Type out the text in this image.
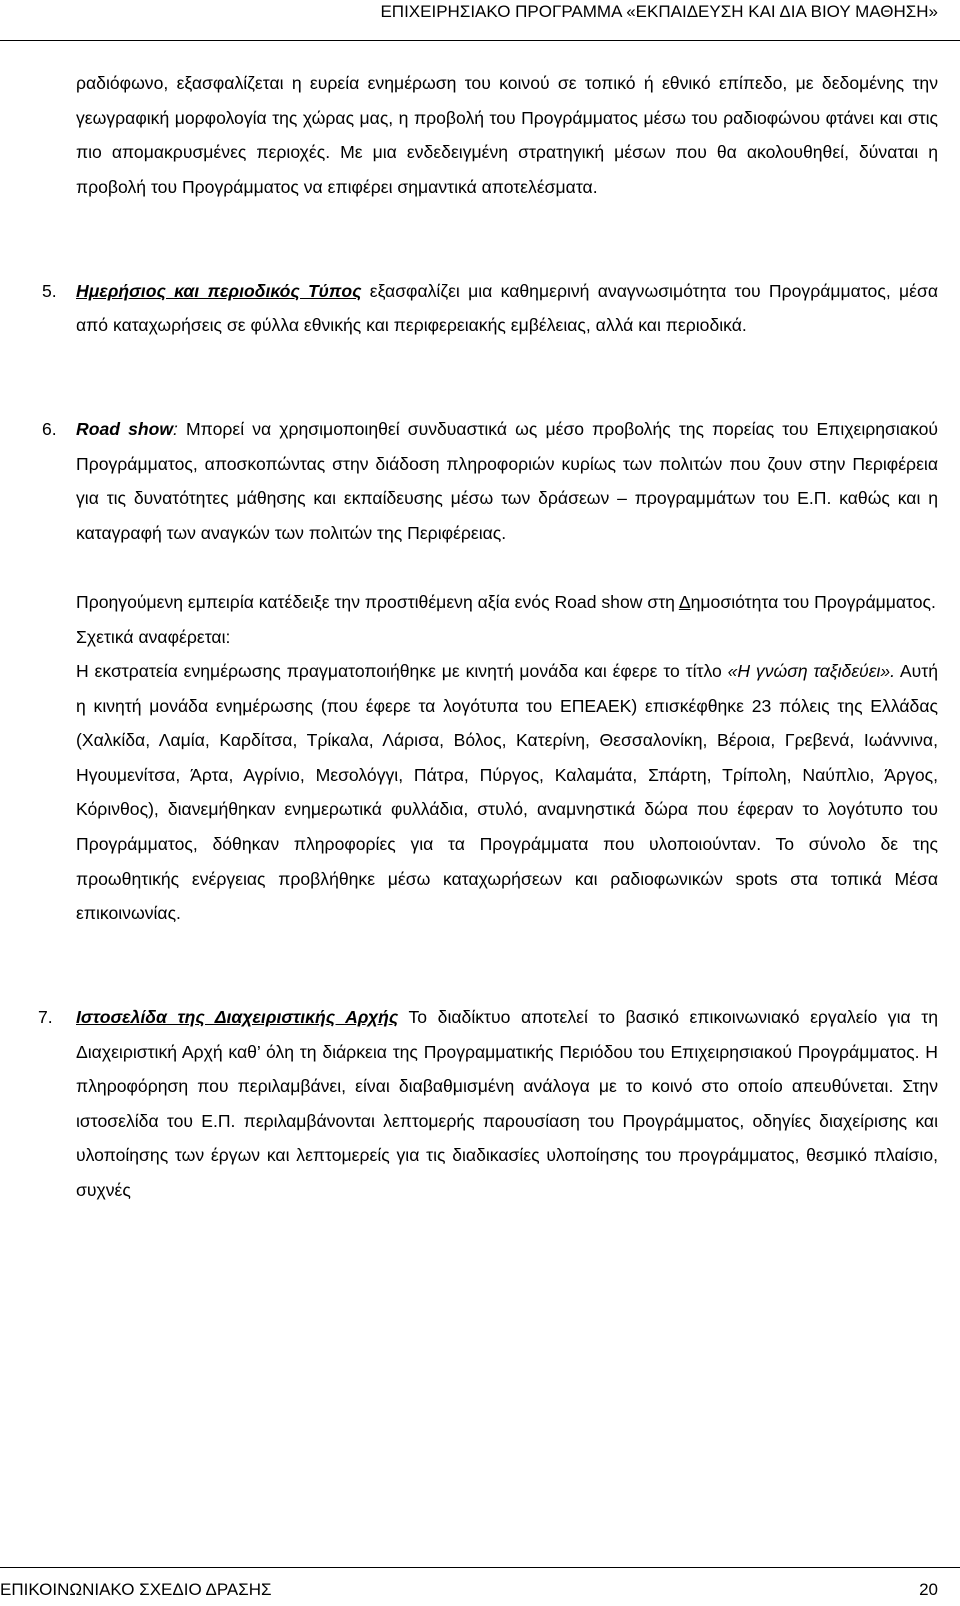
ΕΠΙΧΕΙΡΗΣΙΑΚΟ ΠΡΟΓΡΑΜΜΑ «ΕΚΠΑΙΔΕΥΣΗ ΚΑΙ ΔΙΑ ΒΙΟΥ ΜΑΘΗΣΗ»

ραδιόφωνο, εξασφαλίζεται η ευρεία ενημέρωση του κοινού σε τοπικό ή εθνικό επίπεδο, με δεδομένης την γεωγραφική μορφολογία της χώρας μας, η προβολή του Προγράμματος μέσω του ραδιοφώνου φτάνει και στις πιο απομακρυσμένες περιοχές. Με μια ενδεδειγμένη στρατηγική μέσων που θα ακολουθηθεί, δύναται η προβολή του Προγράμματος να επιφέρει σημαντικά αποτελέσματα.

5. Ημερήσιος και περιοδικός Τύπος εξασφαλίζει μια καθημερινή αναγνωσιμότητα του Προγράμματος, μέσα από καταχωρήσεις σε φύλλα εθνικής και περιφερειακής εμβέλειας, αλλά και περιοδικά.

6. Road show: Μπορεί να χρησιμοποιηθεί συνδυαστικά ως μέσο προβολής της πορείας του Επιχειρησιακού Προγράμματος, αποσκοπώντας στην διάδοση πληροφοριών κυρίως των πολιτών που ζουν στην Περιφέρεια για τις δυνατότητες μάθησης και εκπαίδευσης μέσω των δράσεων – προγραμμάτων του Ε.Π. καθώς και η καταγραφή των αναγκών των πολιτών της Περιφέρειας.

Προηγούμενη εμπειρία κατέδειξε την προστιθέμενη αξία ενός Road show στη Δημοσιότητα του Προγράμματος.

Σχετικά αναφέρεται:

Η εκστρατεία ενημέρωσης πραγματοποιήθηκε με κινητή μονάδα και έφερε το τίτλο «Η γνώση ταξιδεύει». Αυτή η κινητή μονάδα ενημέρωσης (που έφερε τα λογότυπα του ΕΠΕΑΕΚ) επισκέφθηκε 23 πόλεις της Ελλάδας (Χαλκίδα, Λαμία, Καρδίτσα, Τρίκαλα, Λάρισα, Βόλος, Κατερίνη, Θεσσαλονίκη, Βέροια, Γρεβενά, Ιωάννινα, Ηγουμενίτσα, Άρτα, Αγρίνιο, Μεσολόγγι, Πάτρα, Πύργος, Καλαμάτα, Σπάρτη, Τρίπολη, Ναύπλιο, Άργος, Κόρινθος), διανεμήθηκαν ενημερωτικά φυλλάδια, στυλό, αναμνηστικά δώρα που έφεραν το λογότυπο του Προγράμματος, δόθηκαν πληροφορίες για τα Προγράμματα που υλοποιούνταν. Το σύνολο δε της προωθητικής ενέργειας προβλήθηκε μέσω καταχωρήσεων και ραδιοφωνικών spots στα τοπικά Μέσα επικοινωνίας.

7. Ιστοσελίδα της Διαχειριστικής Αρχής Το διαδίκτυο αποτελεί το βασικό επικοινωνιακό εργαλείο για τη Διαχειριστική Αρχή καθ’ όλη τη διάρκεια της Προγραμματικής Περιόδου του Επιχειρησιακού Προγράμματος. Η πληροφόρηση που περιλαμβάνει, είναι διαβαθμισμένη ανάλογα με το κοινό στο οποίο απευθύνεται. Στην ιστοσελίδα του Ε.Π. περιλαμβάνονται λεπτομερής παρουσίαση του Προγράμματος, οδηγίες διαχείρισης και υλοποίησης των έργων και λεπτομερείς για τις διαδικασίες υλοποίησης του προγράμματος, θεσμικό πλαίσιο, συχνές

ΕΠΙΚΟΙΝΩΝΙΑΚΟ ΣΧΕΔΙΟ ΔΡΑΣΗΣ	20
